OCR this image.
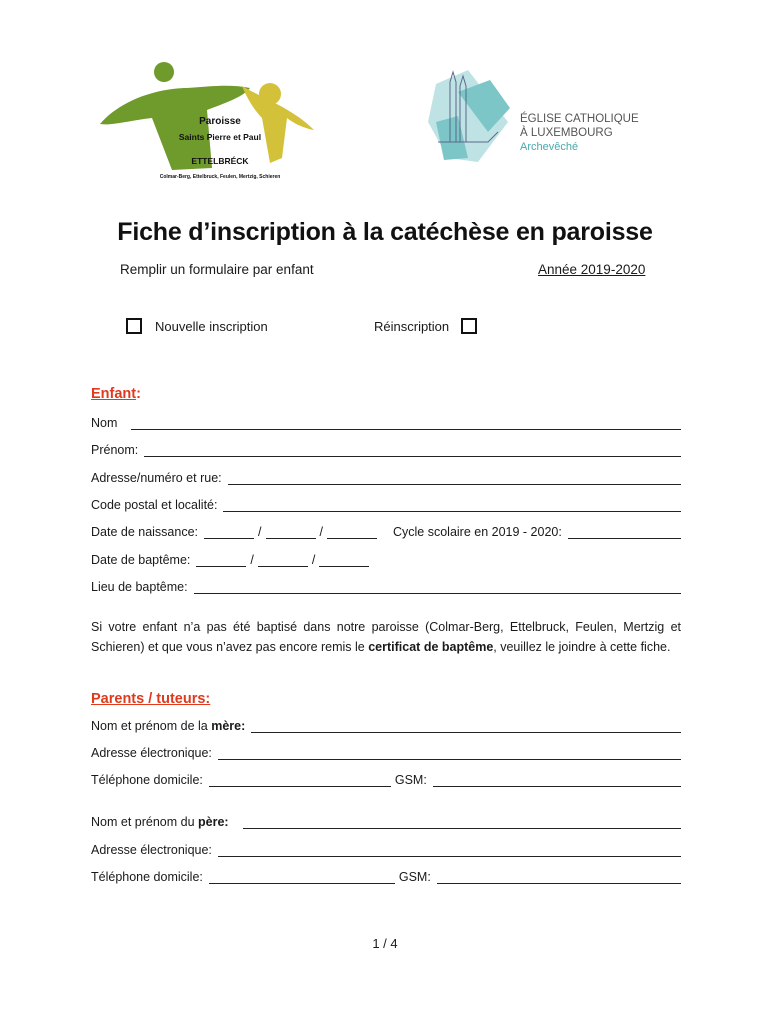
Paroisse
Saints Pierre et Paul
ETTELBRÉCK
Colmar-Berg, Ettelbruck, Feulen, Mertzig, Schieren
ÉGLISE CATHOLIQUE
À LUXEMBOURG
Archevêché
Fiche d’inscription à la catéchèse en paroisse
Remplir un formulaire par enfant	Année 2019-2020
Nouvelle inscription	Réinscription
Enfant:
Nom
Prénom:
Adresse/numéro et rue:
Code postal et localité:
Date de naissance:	/	/	Cycle scolaire en 2019 - 2020:
Date de baptême:	/	/
Lieu de baptême:
Si votre enfant n’a pas été baptisé dans notre paroisse (Colmar-Berg, Ettelbruck, Feulen, Mertzig et Schieren) et que vous n’avez pas encore remis le certificat de baptême, veuillez le joindre à cette fiche.
Parents / tuteurs:
Nom et prénom de la mère:
Adresse électronique:
Téléphone domicile:	GSM:
Nom et prénom du père:
Adresse électronique:
Téléphone domicile:	GSM:
1 / 4
